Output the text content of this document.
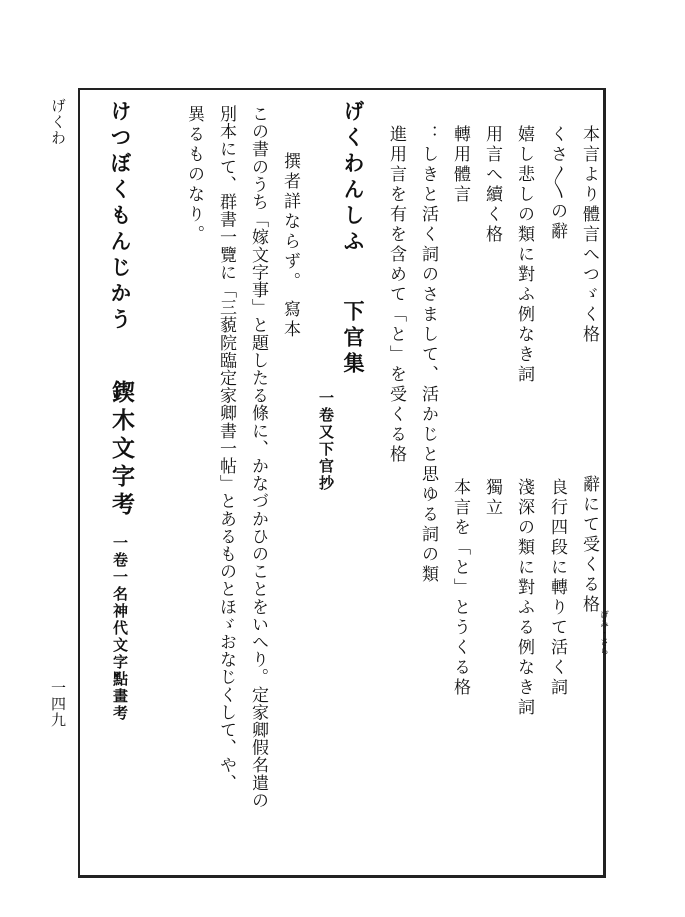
げくわ
一四九
本言より體言へつゞく格
辭にて受くる格
げみ・さら
くさ〳〵の辭
良行四段に轉りて活く詞
嬉し悲しの類に對ふ例なき詞
淺深の類に對ふる例なき詞
用言へ續く格
獨立
轉用體言
本言を「と」とうくる格
：しきと活く詞のさまして、活かじと思ゆる詞の類
進用言を有を含めて「と」を受くる格
げくわんしふ
下官集
一卷又下官抄
撰者詳ならず。
寫本
この書のうち「嫁文字事」と題したる條に、かなづかひのことをいへり。定家卿假名遣の
別本にて、群書一覽に「三藐院臨定家卿書一帖」とあるものとほゞおなじくして、や、
異るものなり。
けつぼくもんじかう
鍥木文字考
一卷一名神代文字點畫考
